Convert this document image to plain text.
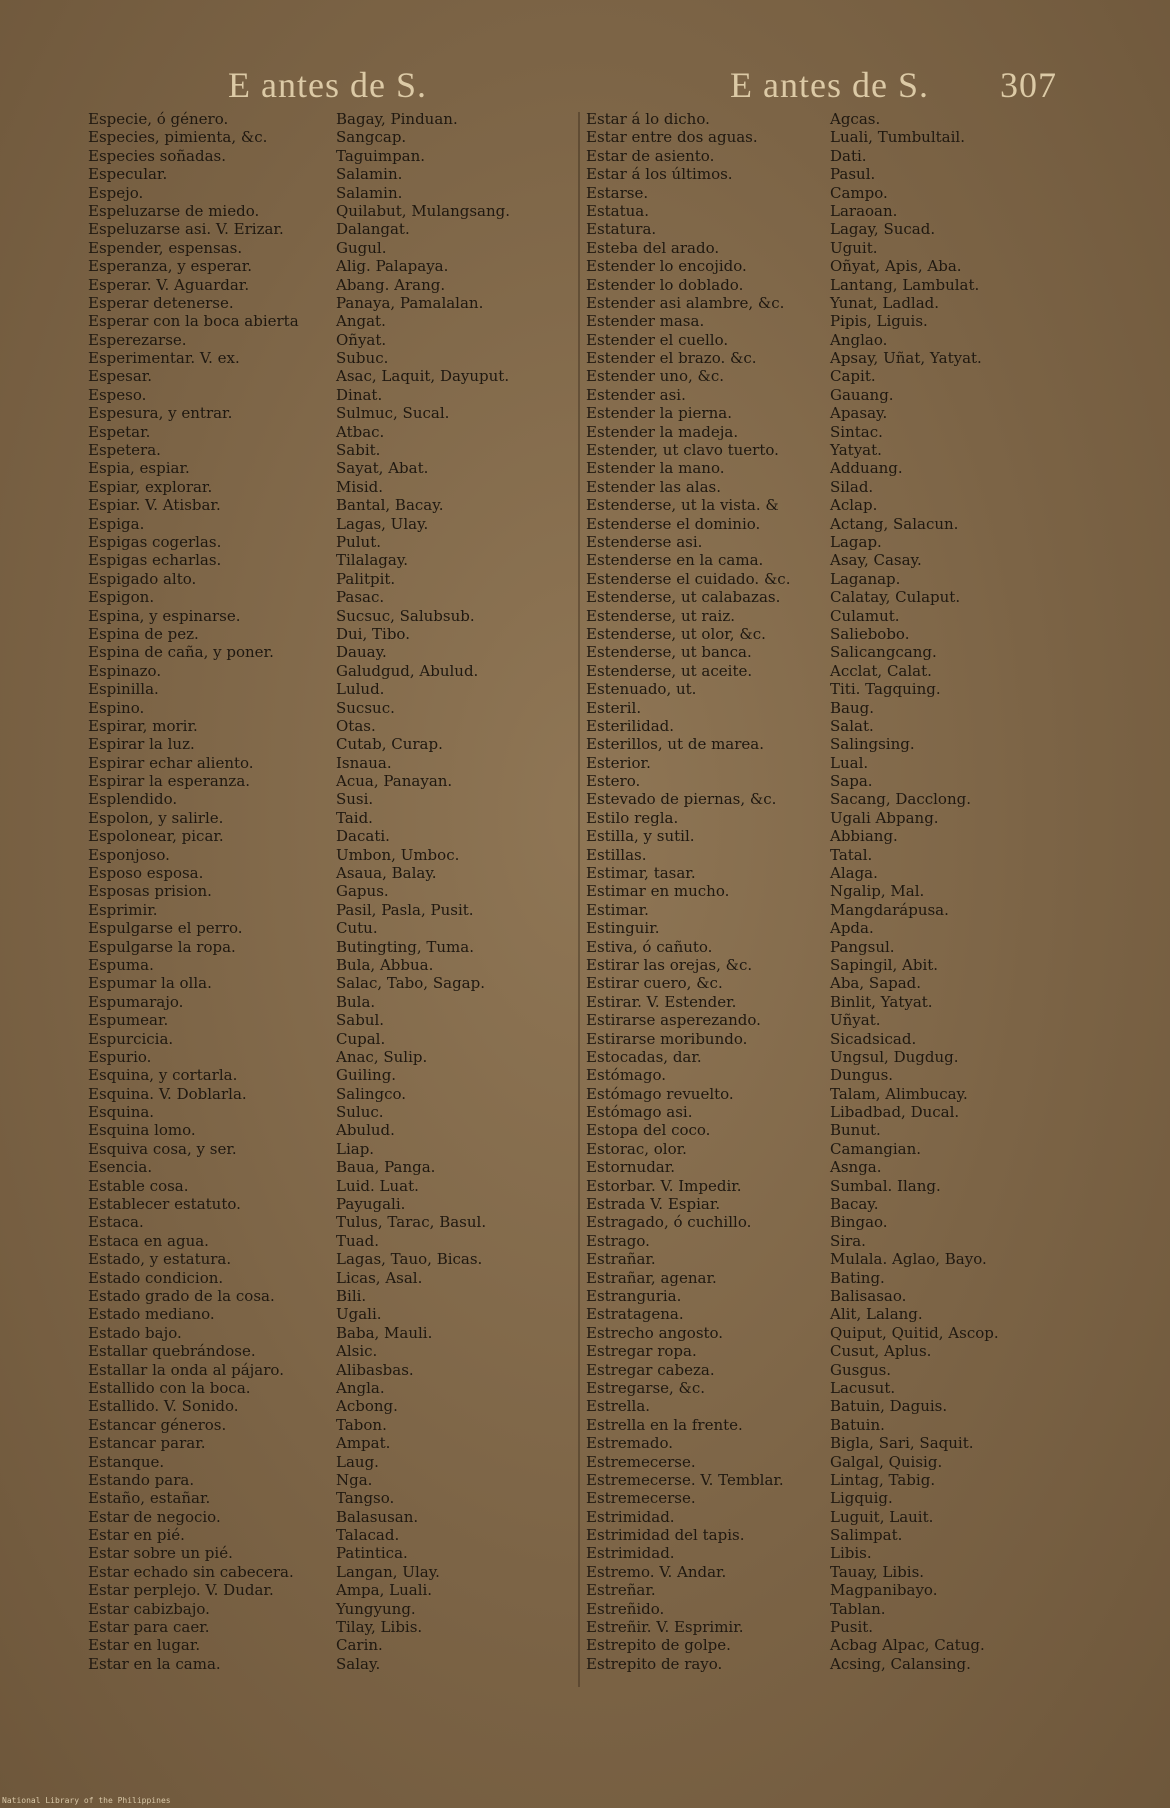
E antes de S.	E antes de S. 307
Especie, ó género.	Bagay, Pinduan.
Especies, pimienta, &c.	Sangcap.
Especies soñadas.	Taguimpan.
Especular.	Salamin.
Espejo.	Salamin.
Espeluzarse de miedo.	Quilabut, Mulangsang.
Espeluzarse asi. V. Erizar.	Dalangat.
Espender, espensas.	Gugul.
Esperanza, y esperar.	Alig. Palapaya.
Esperar. V. Aguardar.	Abang. Arang.
Esperar detenerse.	Panaya, Pamalalan.
Esperar con la boca abierta Angat.
Esperezarse.	Oñyat.
Esperimentar. V. ex.	Subuc.
Espesar.	Asac, Laquit, Dayuput.
Espeso.	Dinat.
Espesura, y entrar.	Sulmuc, Sucal.
Espetar.	Atbac.
Espetera.	Sabit.
Espia, espiar.	Sayat, Abat.
Espiar, explorar.	Misid.
Espiar. V. Atisbar.	Bantal, Bacay.
Espiga.	Lagas, Ulay.
Espigas cogerlas.	Pulut.
Espigas echarlas.	Tilalagay.
Espigado alto.	Palitpit.
Espigon.	Pasac.
Espina, y espinarse.	Sucsuc, Salubsub.
Espina de pez.	Dui, Tibo.
Espina de caña, y poner.	Dauay.
Espinazo.	Galudgud, Abulud.
Espinilla.	Lulud.
Espino.	Sucsuc.
Espirar, morir.	Otas.
Espirar la luz.	Cutab, Curap.
Espirar echar aliento.	Isnaua.
Espirar la esperanza.	Acua, Panayan.
Esplendido.	Susi.
Espolon, y salirle.	Taid.
Espolonear, picar.	Dacati.
Esponjoso.	Umbon, Umboc.
Esposo esposa.	Asaua, Balay.
Esposas prision.	Gapus.
Esprimir.	Pasil, Pasla, Pusit.
Espulgarse el perro.	Cutu.
Espulgarse la ropa.	Butingting, Tuma.
Espuma.	Bula, Abbua.
Espumar la olla.	Salac, Tabo, Sagap.
Espumarajo.	Bula.
Espumear.	Sabul.
Espurcicia.	Cupal.
Espurio.	Anac, Sulip.
Esquina, y cortarla.	Guiling.
Esquina. V. Doblarla.	Salingco.
Esquina.	Suluc.
Esquina lomo.	Abulud.
Esquiva cosa, y ser.	Liap.
Esencia.	Baua, Panga.
Estable cosa.	Luid. Luat.
Establecer estatuto.	Payugali.
Estaca.	Tulus, Tarac, Basul.
Estaca en agua.	Tuad.
Estado, y estatura.	Lagas, Tauo, Bicas.
Estado condicion.	Licas, Asal.
Estado grado de la cosa.	Bili.
Estado mediano.	Ugali.
Estado bajo.	Baba, Mauli.
Estallar quebrándose.	Alsic.
Estallar la onda al pájaro.	Alibasbas.
Estallido con la boca.	Angla.
Estallido. V. Sonido.	Acbong.
Estancar géneros.	Tabon.
Estancar parar.	Ampat.
Estanque.	Laug.
Estando para.	Nga.
Estaño, estañar.	Tangso.
Estar de negocio.	Balasusan.
Estar en pié.	Talacad.
Estar sobre un pié.	Patintica.
Estar echado sin cabecera.	Langan, Ulay.
Estar perplejo. V. Dudar.	Ampa, Luali.
Estar cabizbajo.	Yungyung.
Estar para caer.	Tilay, Libis.
Estar en lugar.	Carin.
Estar en la cama.	Salay.
Estar á lo dicho.	Agcas.
Estar entre dos aguas.	Luali, Tumbultail.
Estar de asiento.	Dati.
Estar á los últimos.	Pasul.
Estarse.	Campo.
Estatua.	Laraoan.
Estatura.	Lagay, Sucad.
Esteba del arado.	Uguit.
Estender lo encojido.	Oñyat, Apis, Aba.
Estender lo doblado.	Lantang, Lambulat.
Estender asi alambre, &c.	Yunat, Ladlad.
Estender masa.	Pipis, Liguis.
Estender el cuello.	Anglao.
Estender el brazo. &c.	Apsay, Uñat, Yatyat.
Estender uno, &c.	Capit.
Estender asi.	Gauang.
Estender la pierna.	Apasay.
Estender la madeja.	Sintac.
Estender, ut clavo tuerto.	Yatyat.
Estender la mano.	Adduang.
Estender las alas.	Silad.
Estenderse, ut la vista. &	Aclap.
Estenderse el dominio.	Actang, Salacun.
Estenderse asi.	Lagap.
Estenderse en la cama.	Asay, Casay.
Estenderse el cuidado. &c.	Laganap.
Estenderse, ut calabazas.	Calatay, Culaput.
Estenderse, ut raiz.	Culamut.
Estenderse, ut olor, &c.	Saliebobo.
Estenderse, ut banca.	Salicangcang.
Estenderse, ut aceite.	Acclat, Calat.
Estenuado, ut.	Titi. Tagquing.
Esteril.	Baug.
Esterilidad.	Salat.
Esterillos, ut de marea.	Salingsing.
Esterior.	Lual.
Estero.	Sapa.
Estevado de piernas, &c.	Sacang, Dacclong.
Estilo regla.	Ugali Abpang.
Estilla, y sutil.	Abbiang.
Estillas.	Tatal.
Estimar, tasar.	Alaga.
Estimar en mucho.	Ngalip, Mal.
Estimar.	Mangdarápusa.
Estinguir.	Apda.
Estiva, ó cañuto.	Pangsul.
Estirar las orejas, &c.	Sapingil, Abit.
Estirar cuero, &c.	Aba, Sapad.
Estirar. V. Estender.	Binlit, Yatyat.
Estirarse asperezando.	Uñyat.
Estirarse moribundo.	Sicadsicad.
Estocadas, dar.	Ungsul, Dugdug.
Estómago.	Dungus.
Estómago revuelto.	Talam, Alimbucay.
Estómago asi.	Libadbad, Ducal.
Estopa del coco.	Bunut.
Estorac, olor.	Camangian.
Estornudar.	Asnga.
Estorbar. V. Impedir.	Sumbal. Ilang.
Estrada V. Espiar.	Bacay.
Estragado, ó cuchillo.	Bingao.
Estrago.	Sira.
Estrañar.	Mulala. Aglao, Bayo.
Estrañar, agenar.	Bating.
Estranguria.	Balisasao.
Estratagena.	Alit, Lalang.
Estrecho angosto.	Quiput, Quitid, Ascop.
Estregar ropa.	Cusut, Aplus.
Estregar cabeza.	Gusgus.
Estregarse, &c.	Lacusut.
Estrella.	Batuin, Daguis.
Estrella en la frente.	Batuin.
Estremado.	Bigla, Sari, Saquit.
Estremecerse.	Galgal, Quisig.
Estremecerse. V. Temblar.	Lintag, Tabig.
Estremecerse.	Ligquig.
Estrimidad.	Luguit, Lauit.
Estrimidad del tapis.	Salimpat.
Estrimidad.	Libis.
Estremo. V. Andar.	Tauay, Libis.
Estreñar.	Magpanibayo.
Estreñido.	Tablan.
Estreñir. V. Esprimir.	Pusit.
Estrepito de golpe.	Acbag Alpac, Catug.
Estrepito de rayo.	Acsing, Calansing.
National Library of the Philippines
